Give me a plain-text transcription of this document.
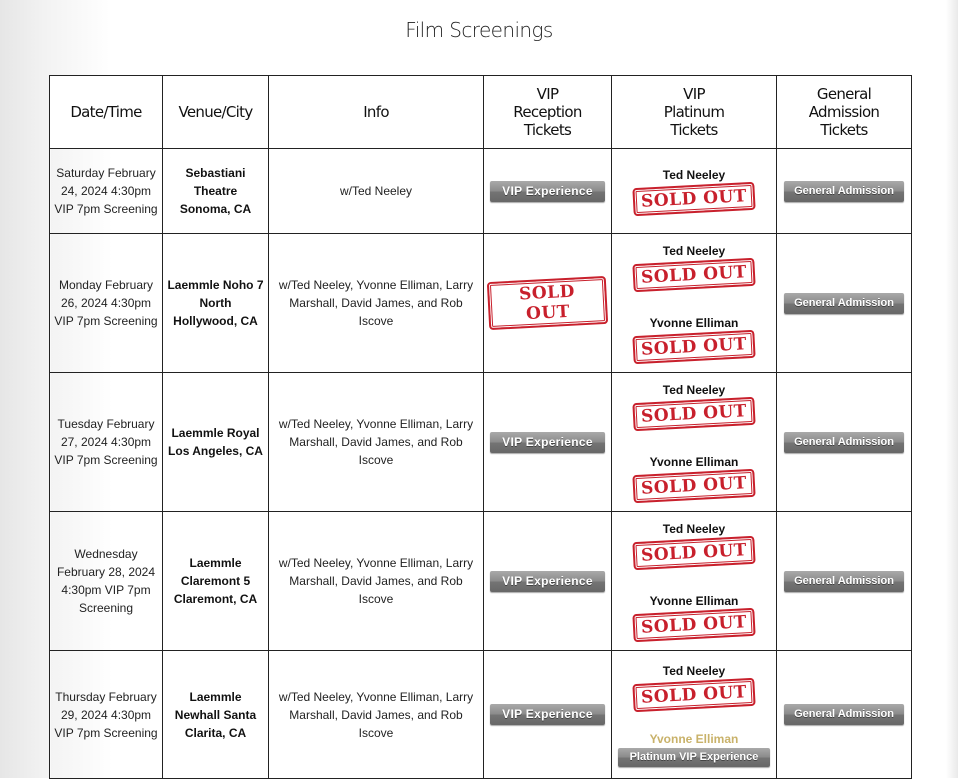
Film Screenings
Date/Time	Venue/City	Info	VIP
Reception
Tickets	VIP
Platinum
Tickets	General
Admission
Tickets

Saturday February 24, 2024 4:30pm VIP 7pm Screening	Sebastiani Theatre Sonoma, CA	w/Ted Neeley	VIP Experience	Ted Neeley
SOLD OUT	General Admission
Monday February 26, 2024 4:30pm VIP 7pm Screening	Laemmle Noho 7 North Hollywood, CA	w/Ted Neeley, Yvonne Elliman, Larry Marshall, David James, and Rob Iscove	SOLD OUT	Ted Neeley
SOLD OUT
Yvonne Elliman
SOLD OUT	General Admission
Tuesday February 27, 2024 4:30pm VIP 7pm Screening	Laemmle Royal Los Angeles, CA	w/Ted Neeley, Yvonne Elliman, Larry Marshall, David James, and Rob Iscove	VIP Experience	Ted Neeley
SOLD OUT
Yvonne Elliman
SOLD OUT	General Admission
Wednesday February 28, 2024 4:30pm VIP 7pm Screening	Laemmle Claremont 5 Claremont, CA	w/Ted Neeley, Yvonne Elliman, Larry Marshall, David James, and Rob Iscove	VIP Experience	Ted Neeley
SOLD OUT
Yvonne Elliman
SOLD OUT	General Admission
Thursday February 29, 2024 4:30pm VIP 7pm Screening	Laemmle Newhall Santa Clarita, CA	w/Ted Neeley, Yvonne Elliman, Larry Marshall, David James, and Rob Iscove	VIP Experience	Ted Neeley
SOLD OUT
Yvonne Elliman
Platinum VIP Experience	General Admission
